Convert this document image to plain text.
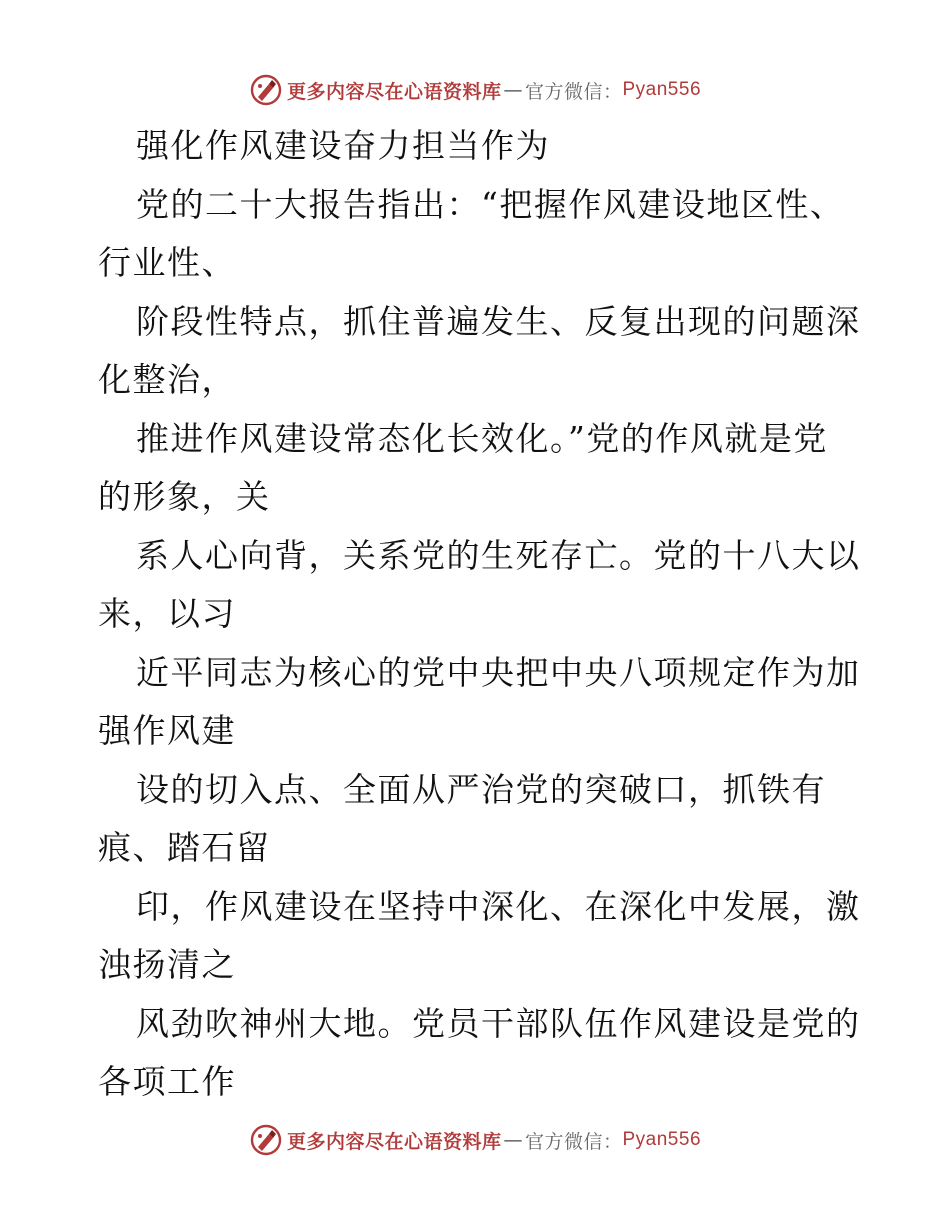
更多内容尽在心语资料库 — 官方微信： Pyan556
强化作风建设奋力担当作为
党的二十大报告指出：“把握作风建设地区性、
行业性、
阶段性特点，抓住普遍发生、反复出现的问题深
化整治，
推进作风建设常态化长效化。”党的作风就是党
的形象，关
系人心向背，关系党的生死存亡。党的十八大以
来，以习
近平同志为核心的党中央把中央八项规定作为加
强作风建
设的切入点、全面从严治党的突破口，抓铁有
痕、踏石留
印，作风建设在坚持中深化、在深化中发展，激
浊扬清之
风劲吹神州大地。党员干部队伍作风建设是党的
各项工作
更多内容尽在心语资料库 — 官方微信： Pyan556
